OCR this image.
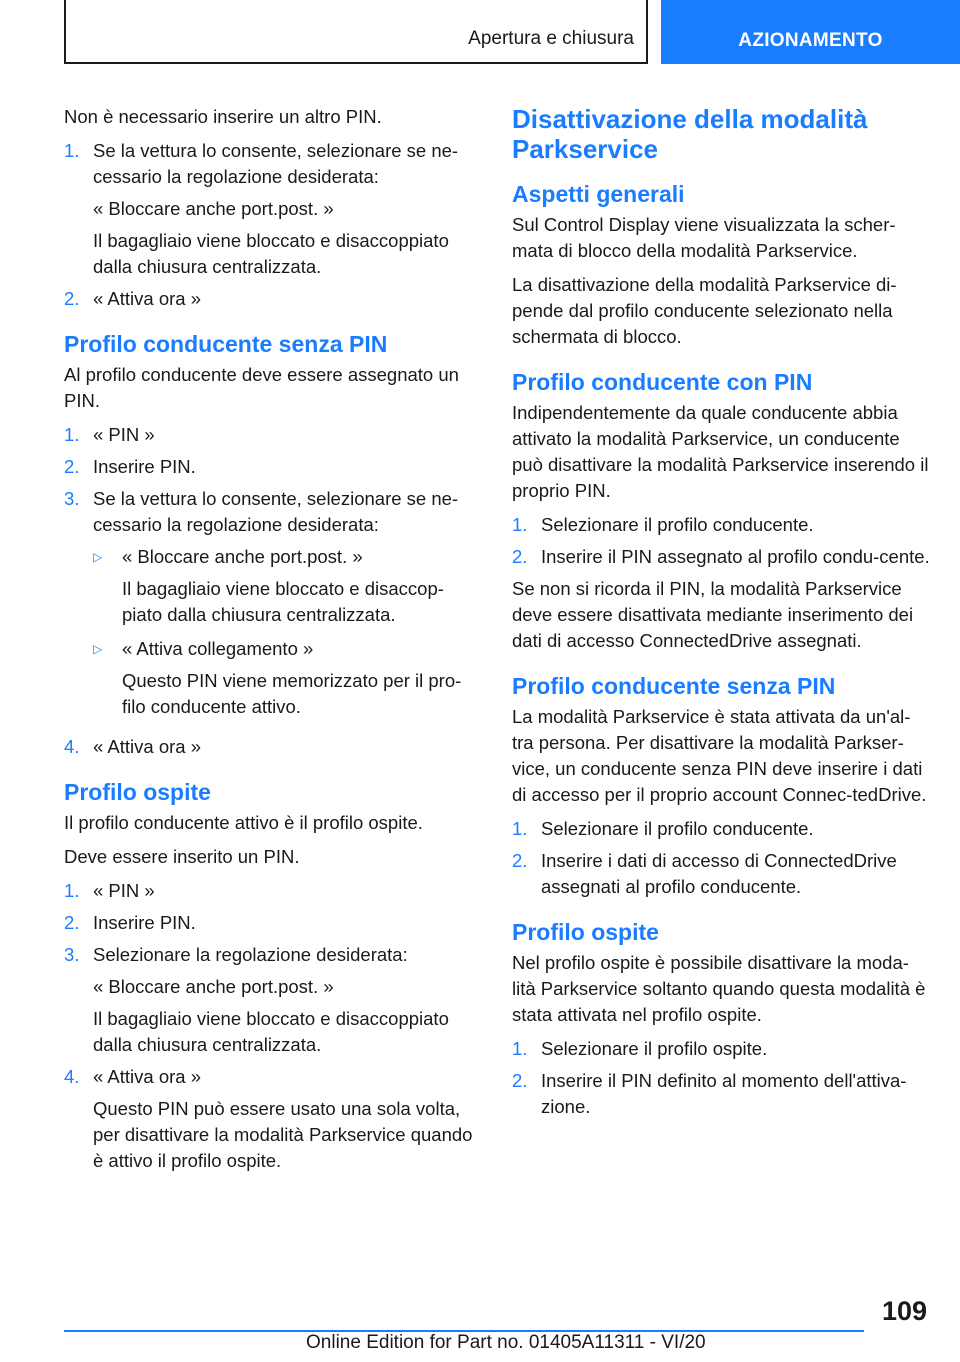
Apertura e chiusura	AZIONAMENTO

Non è necessario inserire un altro PIN.

1. Se la vettura lo consente, selezionare se ne-cessario la regolazione desiderata:

« Bloccare anche port.post. »

Il bagagliaio viene bloccato e disaccoppiato dalla chiusura centralizzata.

2. « Attiva ora »

Profilo conducente senza PIN

Al profilo conducente deve essere assegnato un PIN.

1. « PIN »

2. Inserire PIN.

3. Se la vettura lo consente, selezionare se ne-cessario la regolazione desiderata:

▷	« Bloccare anche port.post. »

Il bagagliaio viene bloccato e disaccop-piato dalla chiusura centralizzata.

▷	« Attiva collegamento »

Questo PIN viene memorizzato per il pro-filo conducente attivo.

4. « Attiva ora »

Profilo ospite

Il profilo conducente attivo è il profilo ospite.

Deve essere inserito un PIN.

1. « PIN »

2. Inserire PIN.

3. Selezionare la regolazione desiderata:

« Bloccare anche port.post. »

Il bagagliaio viene bloccato e disaccoppiato dalla chiusura centralizzata.

4. « Attiva ora »

Questo PIN può essere usato una sola volta, per disattivare la modalità Parkservice quando è attivo il profilo ospite.

Disattivazione della modalità Parkservice
Aspetti generali

Sul Control Display viene visualizzata la scher-mata di blocco della modalità Parkservice.

La disattivazione della modalità Parkservice di-pende dal profilo conducente selezionato nella schermata di blocco.

Profilo conducente con PIN

Indipendentemente da quale conducente abbia attivato la modalità Parkservice, un conducente può disattivare la modalità Parkservice inserendo il proprio PIN.

1. Selezionare il profilo conducente.

2. Inserire il PIN assegnato al profilo condu-cente.

Se non si ricorda il PIN, la modalità Parkservice deve essere disattivata mediante inserimento dei dati di accesso ConnectedDrive assegnati.

Profilo conducente senza PIN

La modalità Parkservice è stata attivata da un'al-tra persona. Per disattivare la modalità Parkser-vice, un conducente senza PIN deve inserire i dati di accesso per il proprio account Connec-tedDrive.

1. Selezionare il profilo conducente.

2. Inserire i dati di accesso di ConnectedDrive assegnati al profilo conducente.

Profilo ospite

Nel profilo ospite è possibile disattivare la moda-lità Parkservice soltanto quando questa modalità è stata attivata nel profilo ospite.

1. Selezionare il profilo ospite.

2. Inserire il PIN definito al momento dell'attiva-zione.

109
Online Edition for Part no. 01405A11311 - VI/20
